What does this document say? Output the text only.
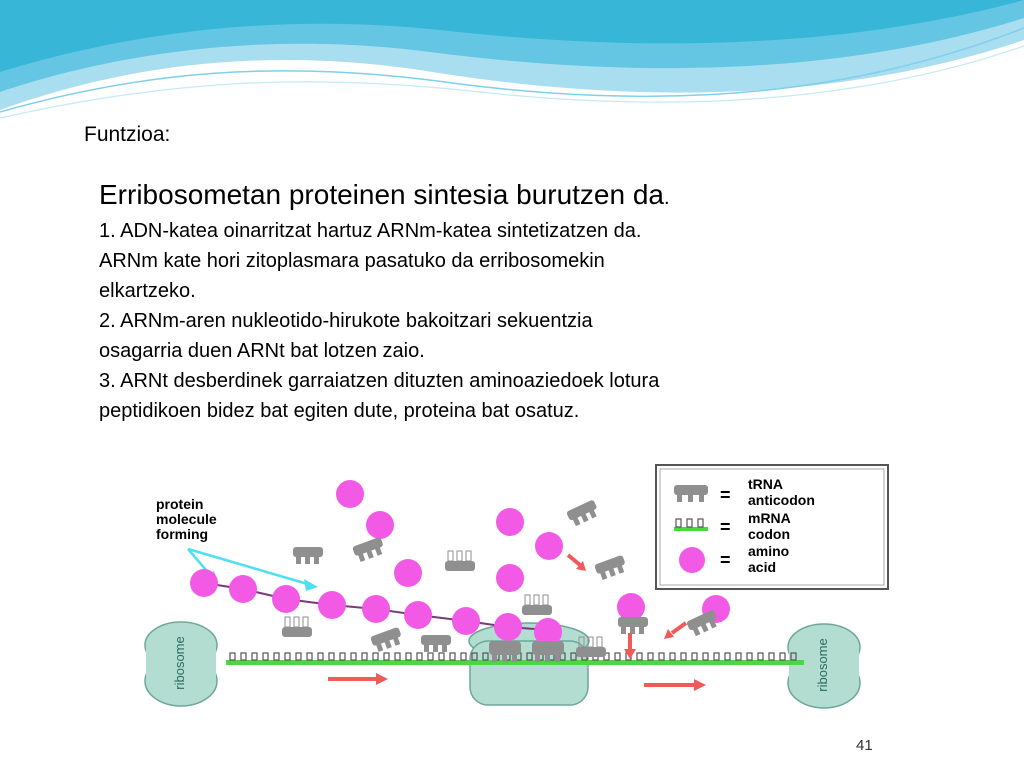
Funtzioa:
Erribosometan proteinen sintesia burutzen da.
1. ADN-katea oinarritzat hartuz ARNm-katea sintetizatzen da.
ARNm kate hori zitoplasmara pasatuko da erribosomekin
elkartzeko.
2. ARNm-aren nukleotido-hirukote bakoitzari sekuentzia
osagarria duen ARNt bat lotzen zaio.
3. ARNt desberdinek garraiatzen dituzten aminoaziedoek lotura
peptidikoen bidez bat egiten dute, proteina bat osatuz.
=
tRNA
anticodon
= mRNA
codon
= amino
acid
protein
molecule
forming
ribosome	ribosome
41
